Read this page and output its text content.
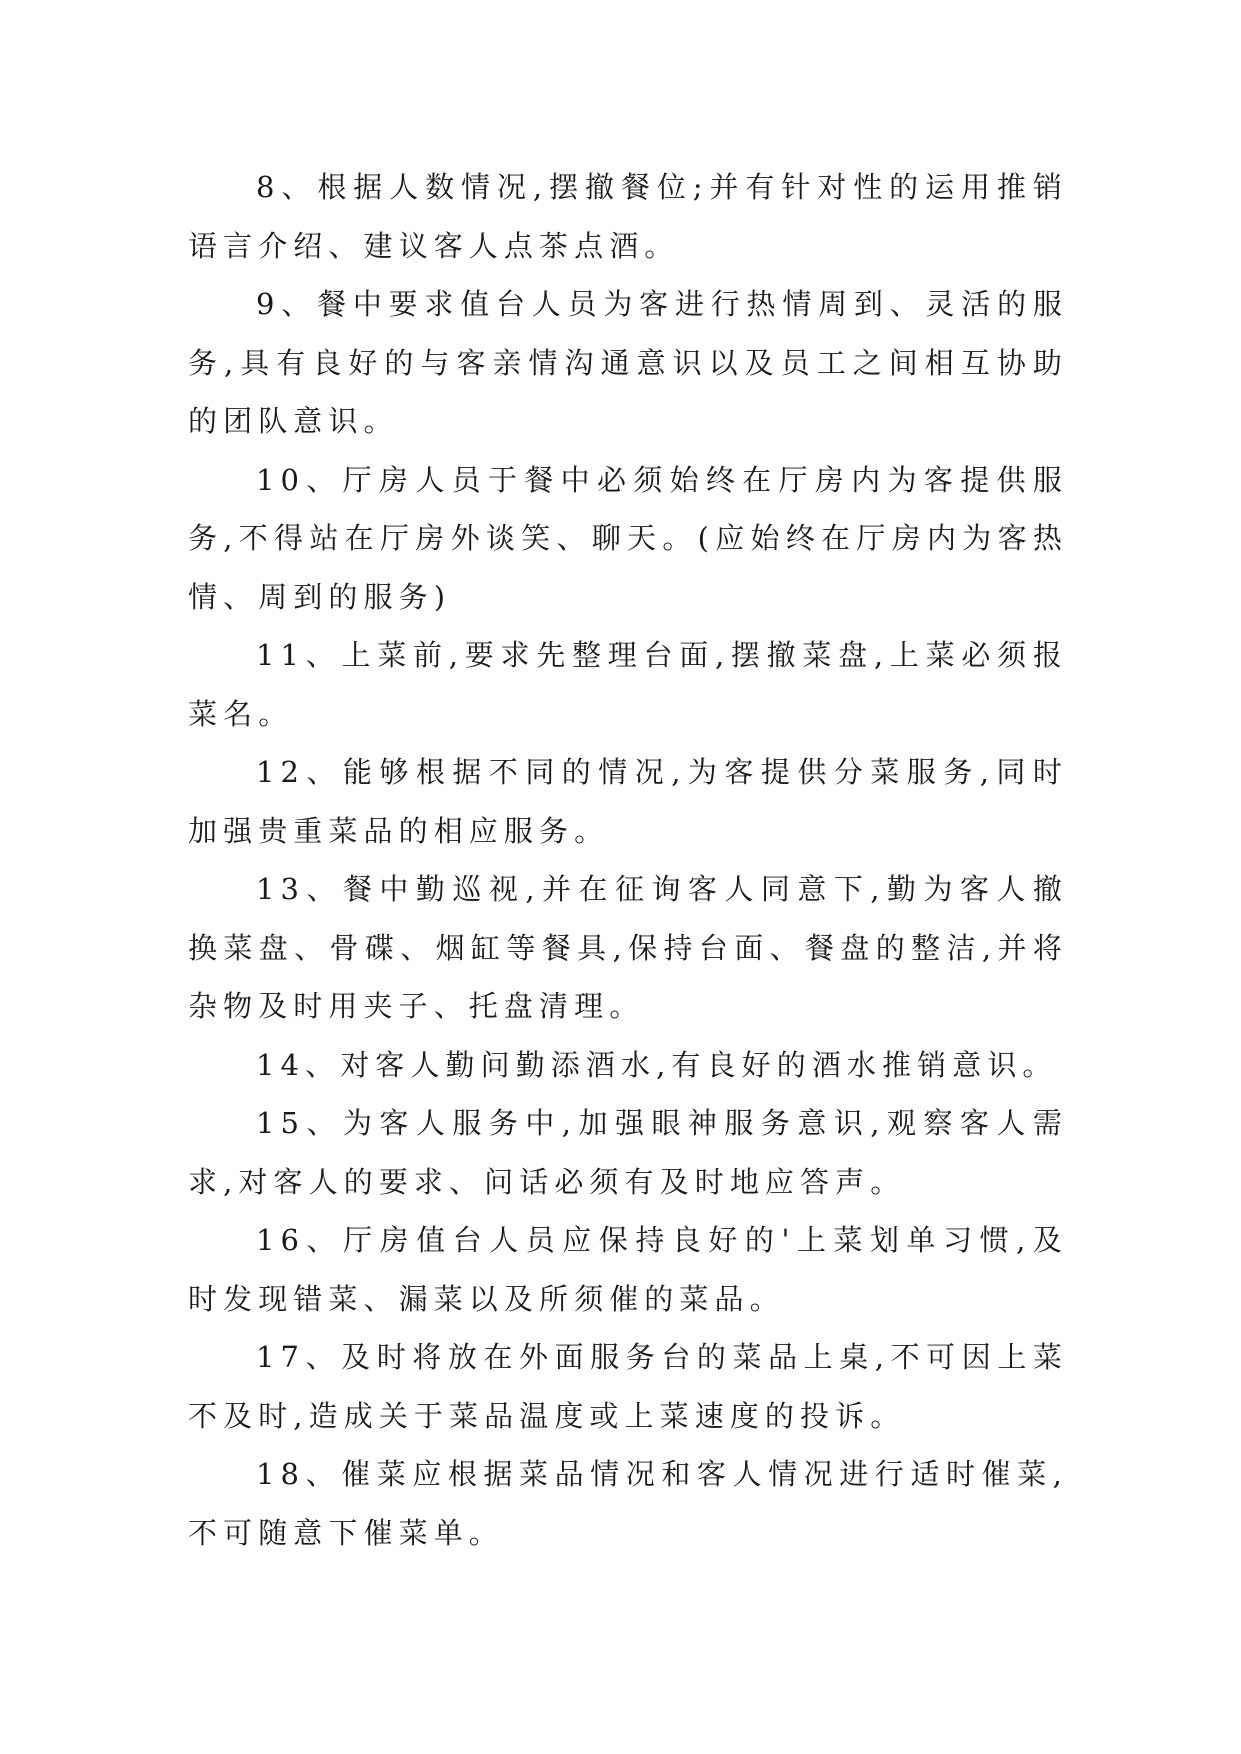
8、根据人数情况,摆撤餐位;并有针对性的运用推销语言介绍、建议客人点茶点酒。

9、餐中要求值台人员为客进行热情周到、灵活的服务,具有良好的与客亲情沟通意识以及员工之间相互协助的团队意识。

10、厅房人员于餐中必须始终在厅房内为客提供服务,不得站在厅房外谈笑、聊天。(应始终在厅房内为客热情、周到的服务)

11、上菜前,要求先整理台面,摆撤菜盘,上菜必须报菜名。

12、能够根据不同的情况,为客提供分菜服务,同时加强贵重菜品的相应服务。

13、餐中勤巡视,并在征询客人同意下,勤为客人撤换菜盘、骨碟、烟缸等餐具,保持台面、餐盘的整洁,并将杂物及时用夹子、托盘清理。

14、对客人勤问勤添酒水,有良好的酒水推销意识。

15、为客人服务中,加强眼神服务意识,观察客人需求,对客人的要求、问话必须有及时地应答声。

16、厅房值台人员应保持良好的'上菜划单习惯,及时发现错菜、漏菜以及所须催的菜品。

17、及时将放在外面服务台的菜品上桌,不可因上菜不及时,造成关于菜品温度或上菜速度的投诉。

18、催菜应根据菜品情况和客人情况进行适时催菜,不可随意下催菜单。
